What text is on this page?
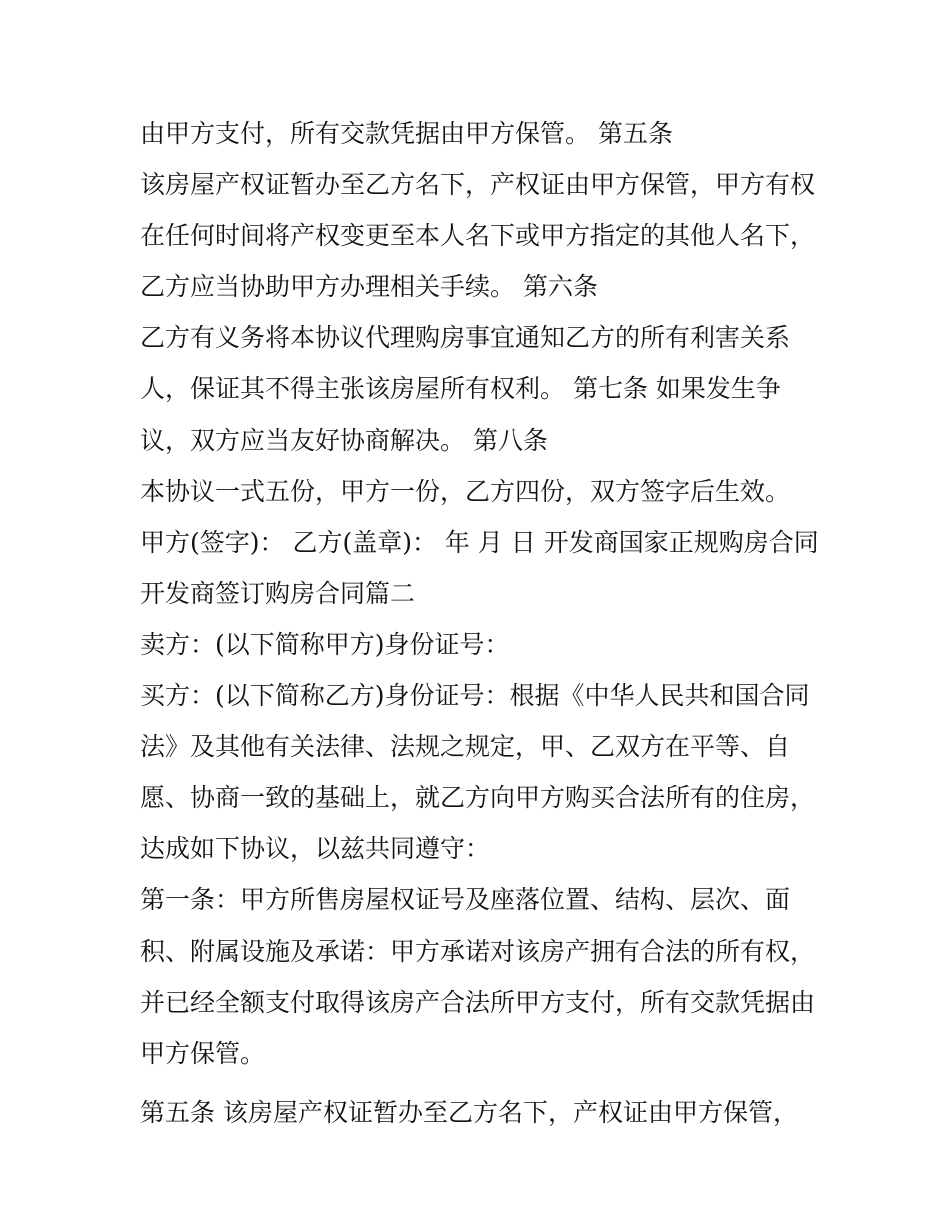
由甲方支付，所有交款凭据由甲方保管。 第五条
该房屋产权证暂办至乙方名下，产权证由甲方保管，甲方有权
在任何时间将产权变更至本人名下或甲方指定的其他人名下，
乙方应当协助甲方办理相关手续。 第六条
乙方有义务将本协议代理购房事宜通知乙方的所有利害关系
人，保证其不得主张该房屋所有权利。 第七条 如果发生争
议，双方应当友好协商解决。 第八条
本协议一式五份，甲方一份，乙方四份，双方签字后生效。
甲方(签字)： 乙方(盖章)： 年 月 日 开发商国家正规购房合同
开发商签订购房合同篇二
卖方：(以下简称甲方)身份证号：
买方：(以下简称乙方)身份证号：根据《中华人民共和国合同
法》及其他有关法律、法规之规定，甲、乙双方在平等、自
愿、协商一致的基础上，就乙方向甲方购买合法所有的住房，
达成如下协议，以兹共同遵守：
第一条：甲方所售房屋权证号及座落位置、结构、层次、面
积、附属设施及承诺：甲方承诺对该房产拥有合法的所有权，
并已经全额支付取得该房产合法所甲方支付，所有交款凭据由
甲方保管。
第五条 该房屋产权证暂办至乙方名下，产权证由甲方保管，
